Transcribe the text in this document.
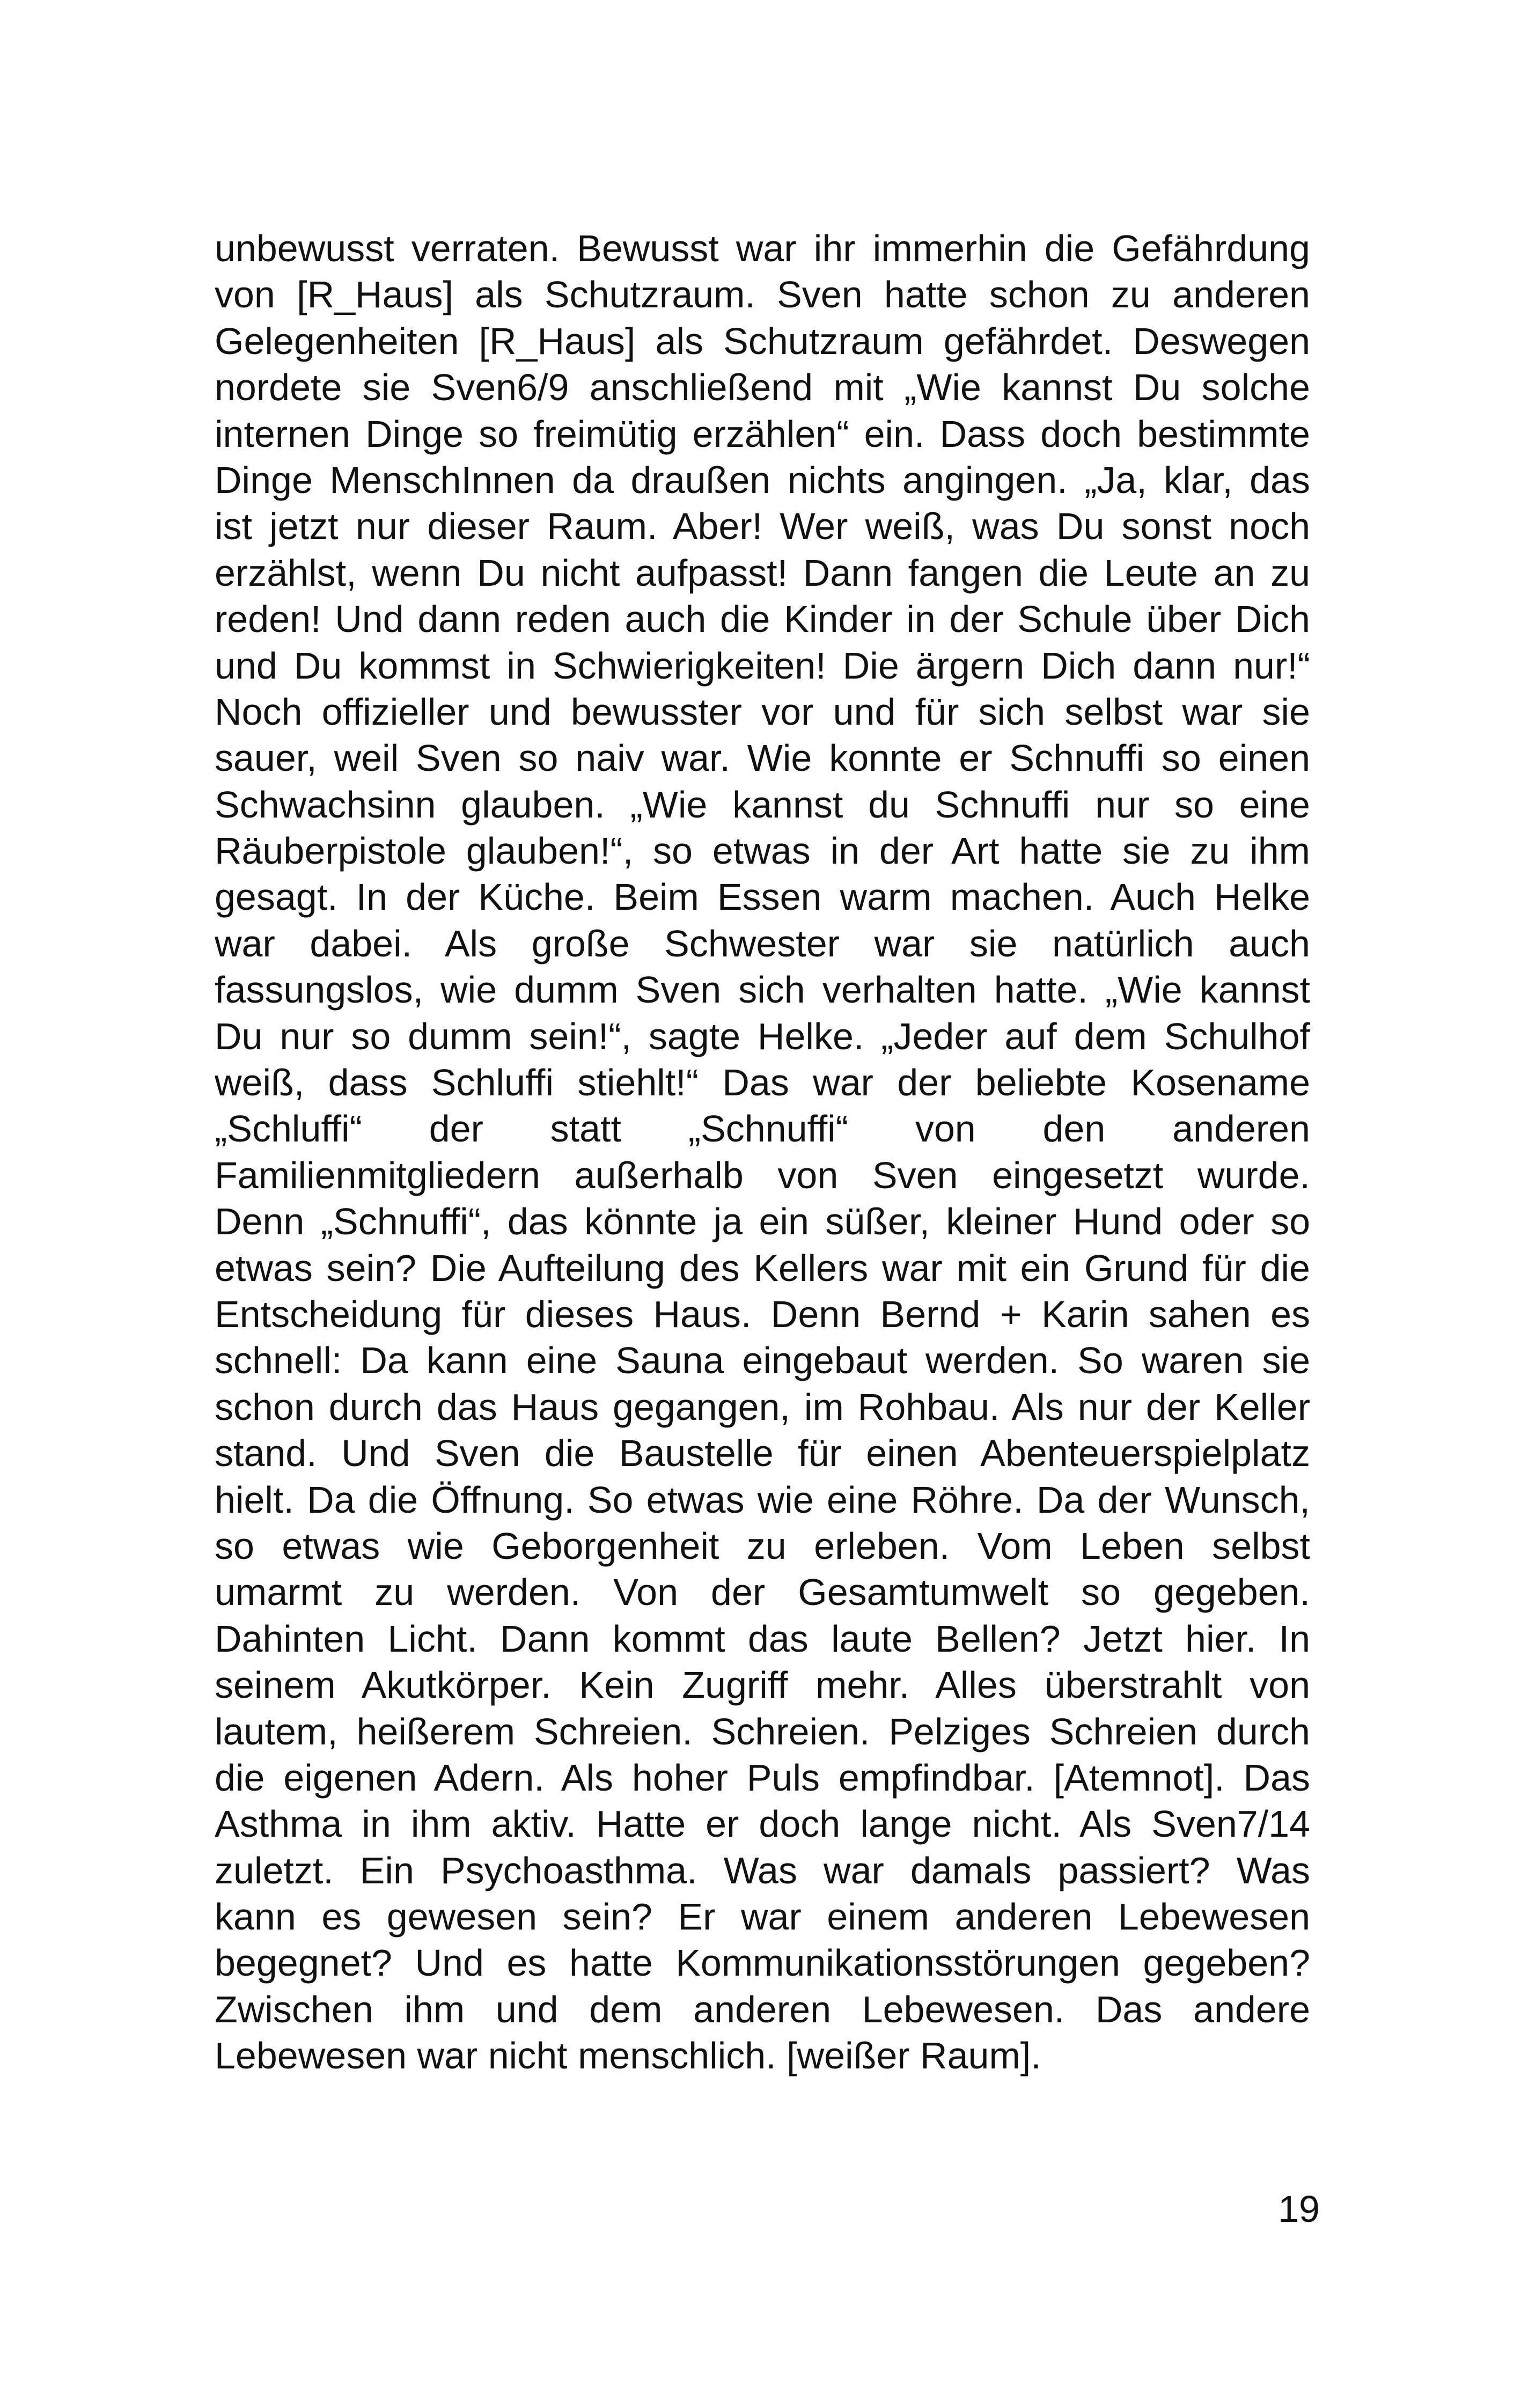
unbewusst verraten. Bewusst war ihr immerhin die Gefährdung
von [R_Haus] als Schutzraum. Sven hatte schon zu anderen
Gelegenheiten [R_Haus] als Schutzraum gefährdet. Deswegen
nordete sie Sven6/9 anschließend mit „Wie kannst Du solche
internen Dinge so freimütig erzählen“ ein. Dass doch bestimmte
Dinge MenschInnen da draußen nichts angingen. „Ja, klar, das
ist jetzt nur dieser Raum. Aber! Wer weiß, was Du sonst noch
erzählst, wenn Du nicht aufpasst! Dann fangen die Leute an zu
reden! Und dann reden auch die Kinder in der Schule über Dich
und Du kommst in Schwierigkeiten! Die ärgern Dich dann nur!“
Noch offizieller und bewusster vor und für sich selbst war sie
sauer, weil Sven so naiv war. Wie konnte er Schnuffi so einen
Schwachsinn glauben. „Wie kannst du Schnuffi nur so eine
Räuberpistole glauben!“, so etwas in der Art hatte sie zu ihm
gesagt. In der Küche. Beim Essen warm machen. Auch Helke
war dabei. Als große Schwester war sie natürlich auch
fassungslos, wie dumm Sven sich verhalten hatte. „Wie kannst
Du nur so dumm sein!“, sagte Helke. „Jeder auf dem Schulhof
weiß, dass Schluffi stiehlt!“ Das war der beliebte Kosename
„Schluffi“ der statt „Schnuffi“ von den anderen
Familienmitgliedern außerhalb von Sven eingesetzt wurde.
Denn „Schnuffi“, das könnte ja ein süßer, kleiner Hund oder so
etwas sein? Die Aufteilung des Kellers war mit ein Grund für die
Entscheidung für dieses Haus. Denn Bernd + Karin sahen es
schnell: Da kann eine Sauna eingebaut werden. So waren sie
schon durch das Haus gegangen, im Rohbau. Als nur der Keller
stand. Und Sven die Baustelle für einen Abenteuerspielplatz
hielt. Da die Öffnung. So etwas wie eine Röhre. Da der Wunsch,
so etwas wie Geborgenheit zu erleben. Vom Leben selbst
umarmt zu werden. Von der Gesamtumwelt so gegeben.
Dahinten Licht. Dann kommt das laute Bellen? Jetzt hier. In
seinem Akutkörper. Kein Zugriff mehr. Alles überstrahlt von
lautem, heißerem Schreien. Schreien. Pelziges Schreien durch
die eigenen Adern. Als hoher Puls empfindbar. [Atemnot]. Das
Asthma in ihm aktiv. Hatte er doch lange nicht. Als Sven7/14
zuletzt. Ein Psychoasthma. Was war damals passiert? Was
kann es gewesen sein? Er war einem anderen Lebewesen
begegnet? Und es hatte Kommunikationsstörungen gegeben?
Zwischen ihm und dem anderen Lebewesen. Das andere
Lebewesen war nicht menschlich. [weißer Raum].
19
